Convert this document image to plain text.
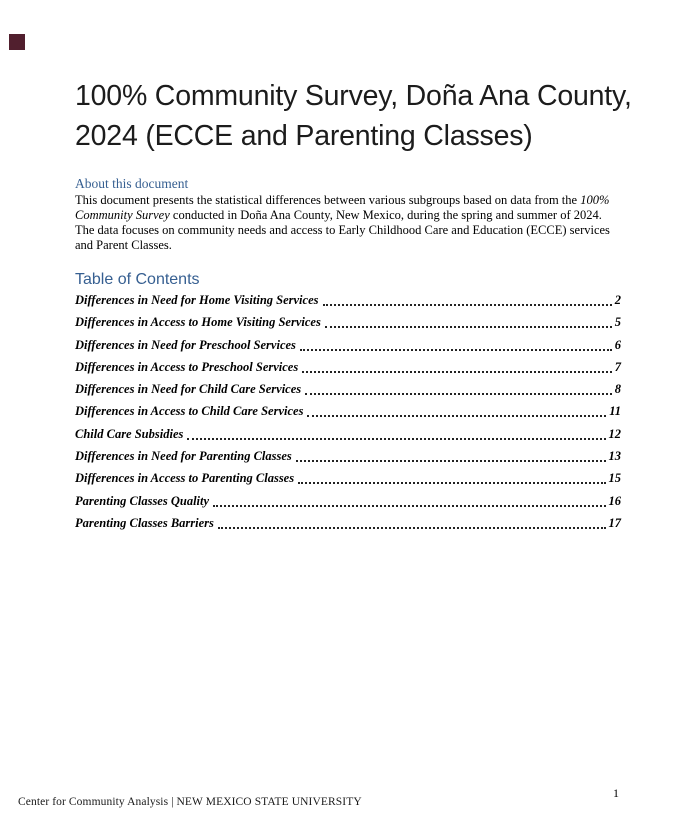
100% Community Survey, Doña Ana County,
2024 (ECCE and Parenting Classes)
About this document
This document presents the statistical differences between various subgroups based on data from the 100% Community Survey conducted in Doña Ana County, New Mexico, during the spring and summer of 2024. The data focuses on community needs and access to Early Childhood Care and Education (ECCE) services and Parent Classes.
Table of Contents
Differences in Need for Home Visiting Services	2
Differences in Access to Home Visiting Services	5
Differences in Need for Preschool Services	6
Differences in Access to Preschool Services	7
Differences in Need for Child Care Services	8
Differences in Access to Child Care Services	11
Child Care Subsidies	12
Differences in Need for Parenting Classes	13
Differences in Access to Parenting Classes	15
Parenting Classes Quality	16
Parenting Classes Barriers	17
Center for Community Analysis | NEW MEXICO STATE UNIVERSITY
1
